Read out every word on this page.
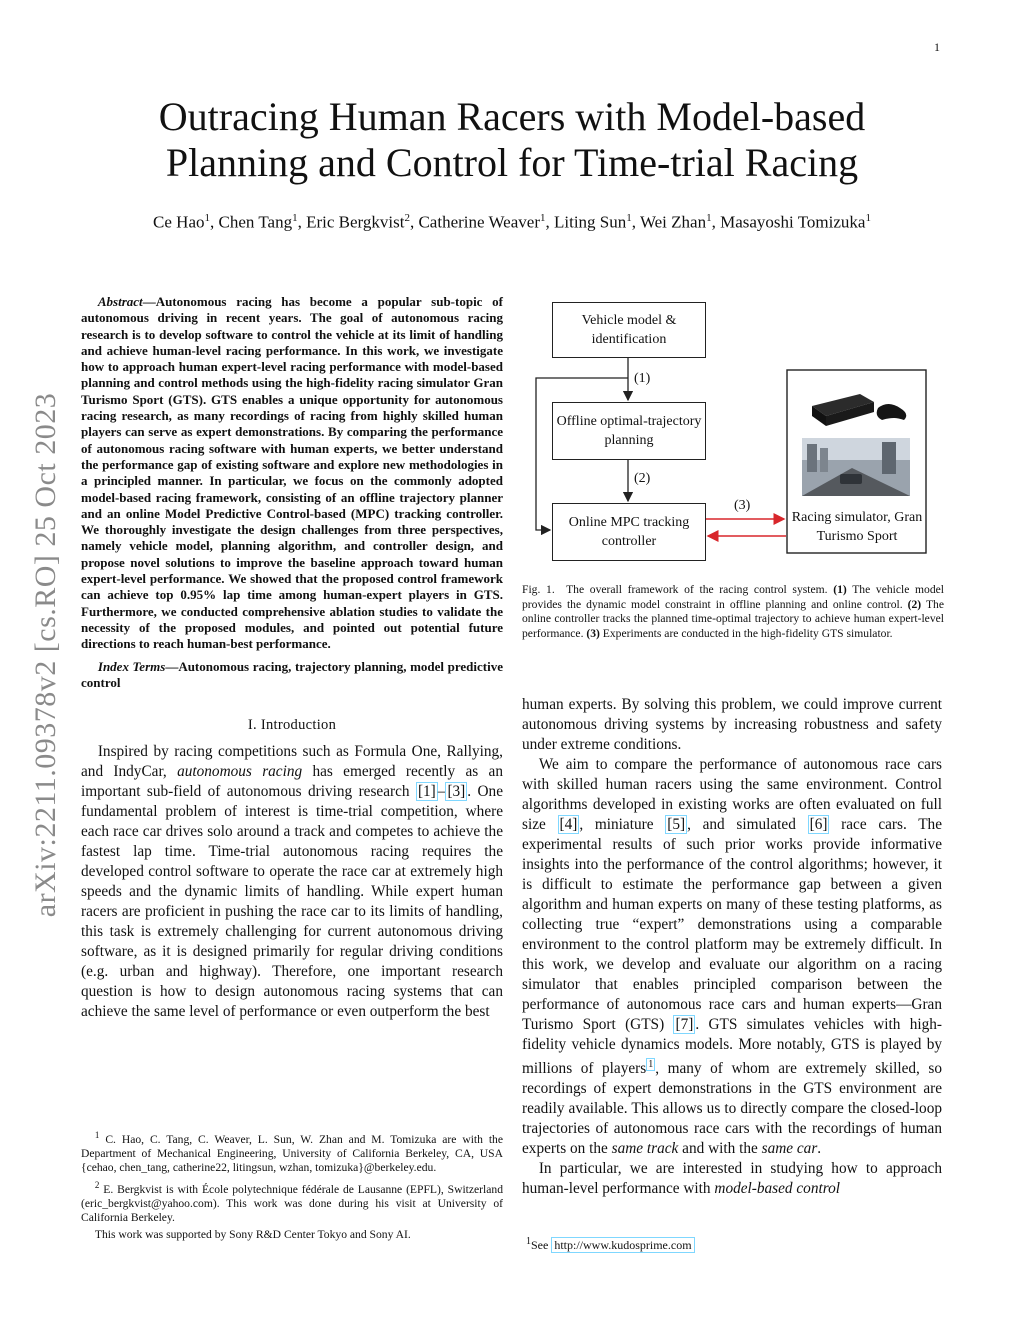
1
arXiv:2211.09378v2 [cs.RO] 25 Oct 2023
Outracing Human Racers with Model-based
Planning and Control for Time-trial Racing
Ce Hao$^1$, Chen Tang$^1$, Eric Bergkvist$^2$, Catherine Weaver$^1$, Liting Sun$^1$, Wei Zhan$^1$, Masayoshi Tomizuka$^1$

Abstract—Autonomous racing has become a popular sub-topic of autonomous driving in recent years. The goal of autonomous racing research is to develop software to control the vehicle at its limit of handling and achieve human-level racing performance. In this work, we investigate how to approach human expert-level racing performance with model-based planning and control methods using the high-fidelity racing simulator Gran Turismo Sport (GTS). GTS enables a unique opportunity for autonomous racing research, as many recordings of racing from highly skilled human players can serve as expert demonstrations. By comparing the performance of autonomous racing software with human experts, we better understand the performance gap of existing software and explore new methodologies in a principled manner. In particular, we focus on the commonly adopted model-based racing framework, consisting of an offline trajectory planner and an online Model Predictive Control-based (MPC) tracking controller. We thoroughly investigate the design challenges from three perspectives, namely vehicle model, planning algorithm, and controller design, and propose novel solutions to improve the baseline approach toward human expert-level performance. We showed that the proposed control framework can achieve top 0.95% lap time among human-expert players in GTS. Furthermore, we conducted comprehensive ablation studies to validate the necessity of the proposed modules, and pointed out potential future directions to reach human-best performance.

Index Terms—Autonomous racing, trajectory planning, model predictive control

I. Introduction

Inspired by racing competitions such as Formula One, Rallying, and IndyCar, autonomous racing has emerged recently as an important sub-field of autonomous driving research [1] – [3] . One fundamental problem of interest is time-trial competition, where each race car drives solo around a track and competes to achieve the fastest lap time. Time-trial autonomous racing requires the developed control software to operate the race car at extremely high speeds and the dynamic limits of handling. While expert human racers are proficient in pushing the race car to its limits of handling, this task is extremely challenging for current autonomous driving software, as it is designed primarily for regular driving conditions (e.g. urban and highway). Therefore, one important research question is how to design autonomous racing systems that can achieve the same level of performance or even outperform the best

$^1$ C. Hao, C. Tang, C. Weaver, L. Sun, W. Zhan and M. Tomizuka are with the Department of Mechanical Engineering, University of California Berkeley, CA, USA {cehao, chen_tang, catherine22, litingsun, wzhan, tomizuka}@berkeley.edu.

$^2$ E. Bergkvist is with École polytechnique fédérale de Lausanne (EPFL), Switzerland (eric_bergkvist@yahoo.com). This work was done during his visit at University of California Berkeley.

This work was supported by Sony R&D Center Tokyo and Sony AI.

Vehicle model & identification
Offline optimal-trajectory planning
Online MPC tracking controller
(1)
(2)
(3)
Racing simulator, Gran Turismo Sport
Fig. 1. The overall framework of the racing control system. (1) The vehicle model provides the dynamic model constraint in offline planning and online control. (2) The online controller tracks the planned time-optimal trajectory to achieve human expert-level performance. (3) Experiments are conducted in the high-fidelity GTS simulator.

human experts. By solving this problem, we could improve current autonomous driving systems by increasing robustness and safety under extreme conditions.

We aim to compare the performance of autonomous race cars with skilled human racers using the same environment. Control algorithms developed in existing works are often evaluated on full size [4] , miniature [5] , and simulated [6] race cars. The experimental results of such prior works provide informative insights into the performance of the control algorithms; however, it is difficult to estimate the performance gap between a given algorithm and human experts on many of these testing platforms, as collecting true “expert” demonstrations using a comparable environment to the control platform may be extremely difficult. In this work, we develop and evaluate our algorithm on a racing simulator that enables principled comparison between the performance of autonomous race cars and human experts—Gran Turismo Sport (GTS) [7] . GTS simulates vehicles with high-fidelity vehicle dynamics models. More notably, GTS is played by millions of players $^1$ , many of whom are extremely skilled, so recordings of expert demonstrations in the GTS environment are readily available. This allows us to directly compare the closed-loop trajectories of autonomous race cars with the recordings of human experts on the same track and with the same car.

In particular, we are interested in studying how to approach human-level performance with model-based control

$^1$See http://www.kudosprime.com
